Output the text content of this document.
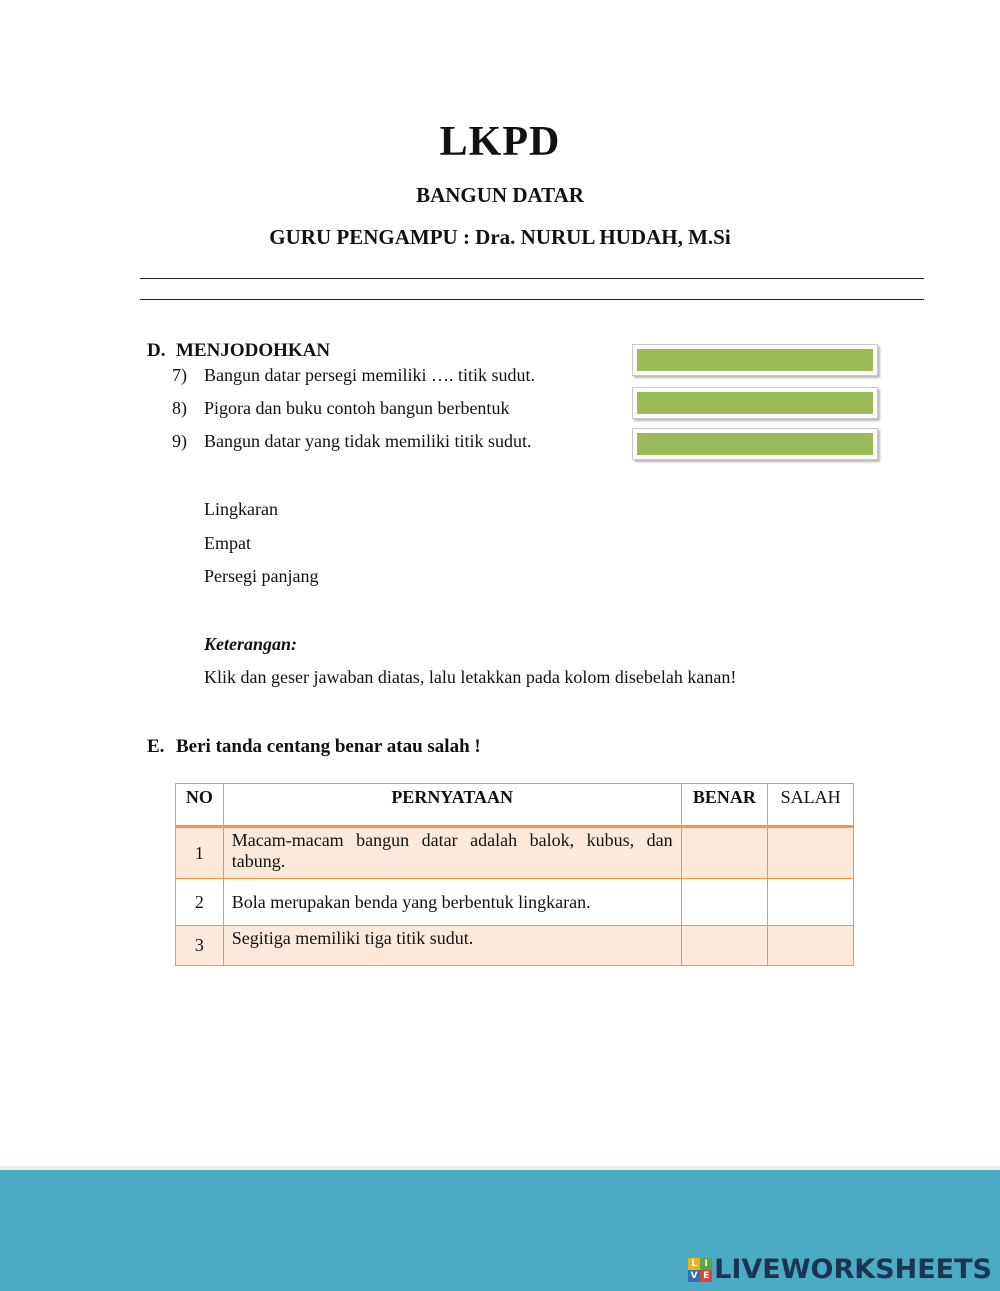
LKPD
BANGUN DATAR
GURU PENGAMPU : Dra. NURUL HUDAH, M.Si
D. MENJODOHKAN
7) Bangun datar persegi memiliki …. titik sudut.
8) Pigora dan buku contoh bangun berbentuk
9) Bangun datar yang tidak memiliki titik sudut.
Lingkaran
Empat
Persegi panjang
Keterangan:
Klik dan geser jawaban diatas, lalu letakkan pada kolom disebelah kanan!
E. Beri tanda centang benar atau salah !
NO	PERNYATAAN	BENAR	SALAH
1	Macam-macam bangun datar adalah balok, kubus, dan tabung.		
2	Bola merupakan benda yang berbentuk lingkaran.		
3	Segitiga memiliki tiga titik sudut.		
L I
V E LIVEWORKSHEETS
